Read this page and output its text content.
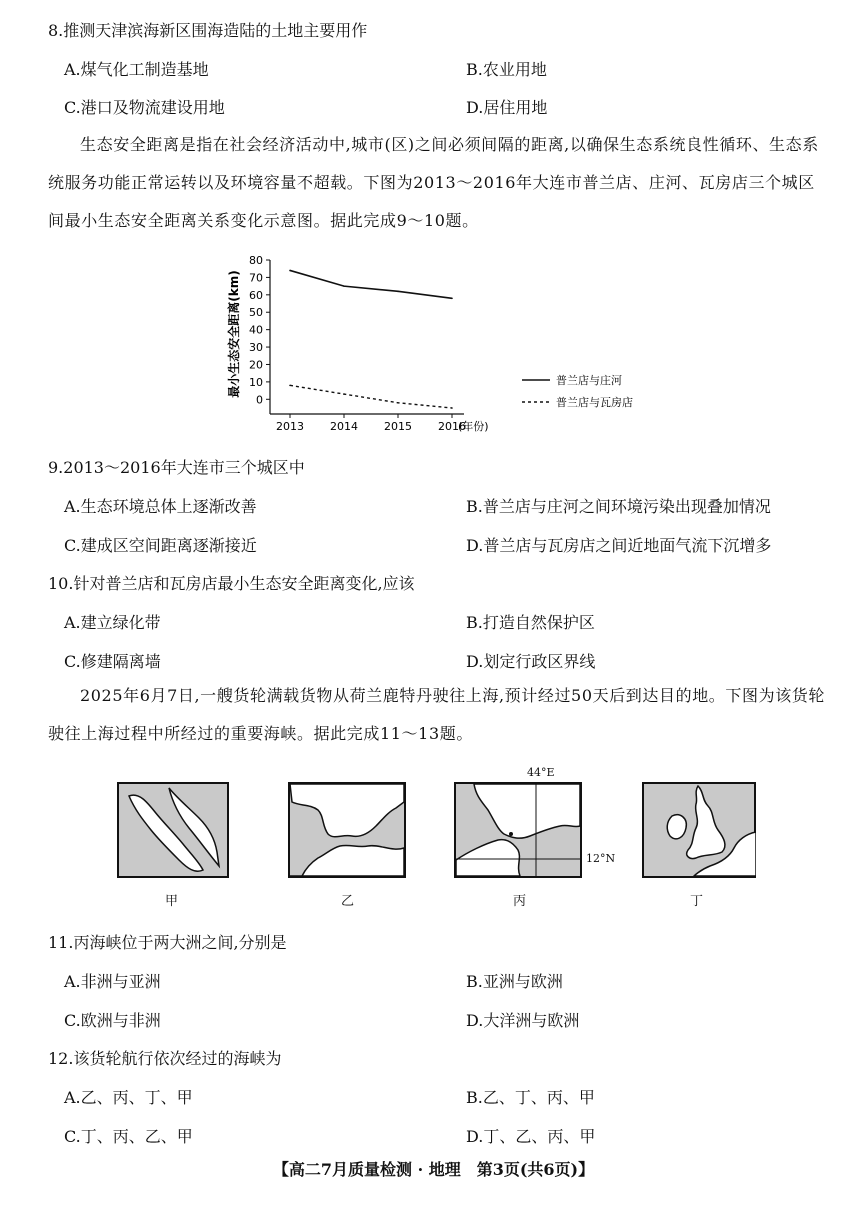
8.推测天津滨海新区围海造陆的土地主要用作
A.煤气化工制造基地	B.农业用地
C.港口及物流建设用地	D.居住用地
生态安全距离是指在社会经济活动中,城市(区)之间必须间隔的距离,以确保生态系统良性循环、生态系统服务功能正常运转以及环境容量不超载。下图为2013～2016年大连市普兰店、庄河、瓦房店三个城区间最小生态安全距离关系变化示意图。据此完成9～10题。
80
70
60
50
40
30
20
10
0
2013 2014 2015 2016
普兰店与庄河
普兰店与瓦房店
最小生态安全距离(km)
(年份)
9.2013～2016年大连市三个城区中
A.生态环境总体上逐渐改善	B.普兰店与庄河之间环境污染出现叠加情况
C.建成区空间距离逐渐接近	D.普兰店与瓦房店之间近地面气流下沉增多
10.针对普兰店和瓦房店最小生态安全距离变化,应该
A.建立绿化带	B.打造自然保护区
C.修建隔离墙	D.划定行政区界线
2025年6月7日,一艘货轮满载货物从荷兰鹿特丹驶往上海,预计经过50天后到达目的地。下图为该货轮驶往上海过程中所经过的重要海峡。据此完成11～13题。
甲	乙
44°E
12°N
丙	丁
11.丙海峡位于两大洲之间,分别是
A.非洲与亚洲	B.亚洲与欧洲
C.欧洲与非洲	D.大洋洲与欧洲
12.该货轮航行依次经过的海峡为
A.乙、丙、丁、甲	B.乙、丁、丙、甲
C.丁、丙、乙、甲	D.丁、乙、丙、甲
【高二7月质量检测 · 地理　第3页(共6页)】
